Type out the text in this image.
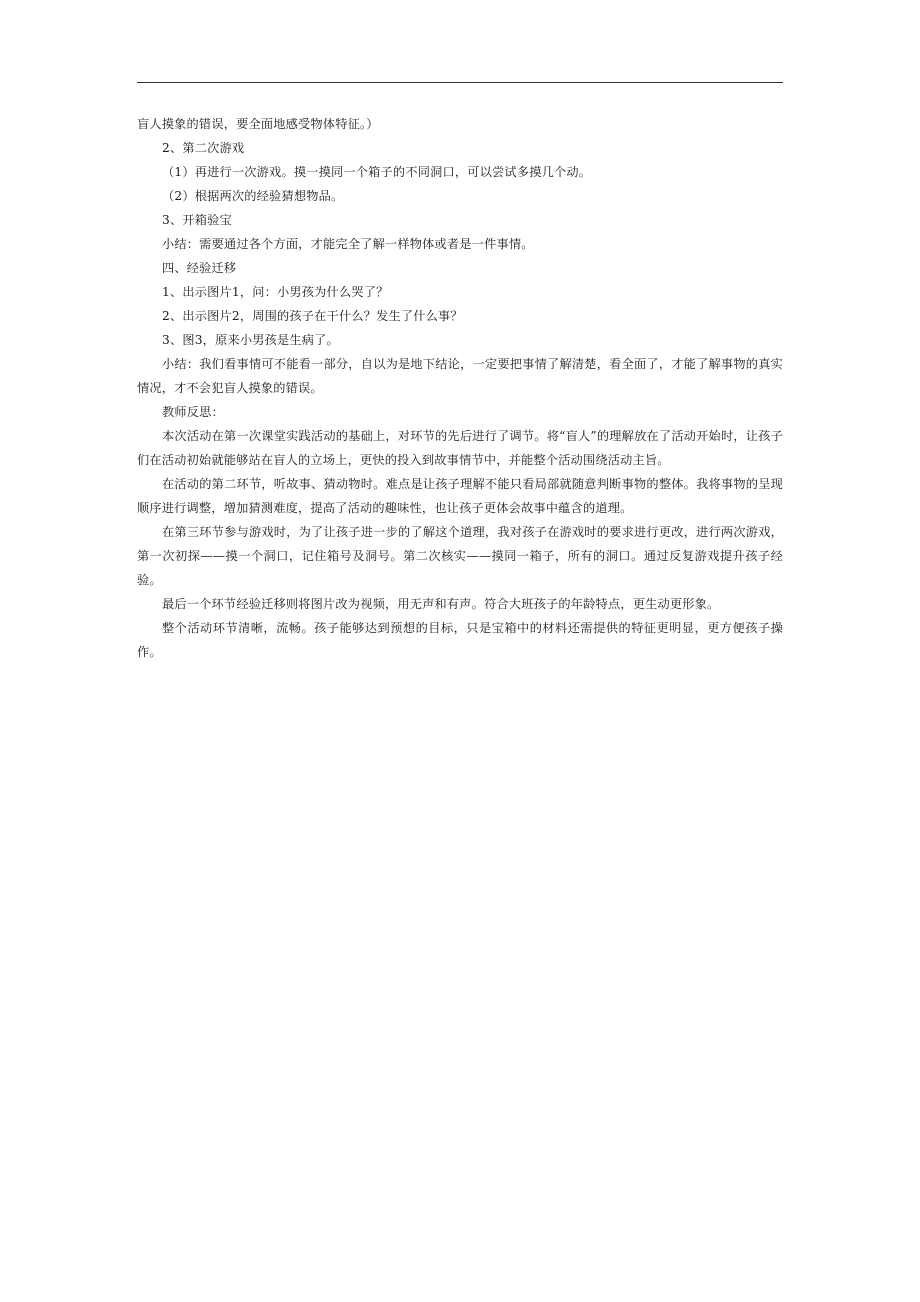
盲人摸象的错误，要全面地感受物体特征。）

2、第二次游戏

（1）再进行一次游戏。摸一摸同一个箱子的不同洞口，可以尝试多摸几个动。

（2）根据两次的经验猜想物品。

3、开箱验宝

小结：需要通过各个方面，才能完全了解一样物体或者是一件事情。

四、经验迁移

1、出示图片1，问：小男孩为什么哭了？

2、出示图片2，周围的孩子在干什么？发生了什么事？

3、图3，原来小男孩是生病了。

小结：我们看事情可不能看一部分，自以为是地下结论，一定要把事情了解清楚，看全面了，才能了解事物的真实情况，才不会犯盲人摸象的错误。

教师反思：

本次活动在第一次课堂实践活动的基础上，对环节的先后进行了调节。将“盲人”的理解放在了活动开始时，让孩子们在活动初始就能够站在盲人的立场上，更快的投入到故事情节中，并能整个活动围绕活动主旨。

在活动的第二环节，听故事、猜动物时。难点是让孩子理解不能只看局部就随意判断事物的整体。我将事物的呈现顺序进行调整，增加猜测难度，提高了活动的趣味性，也让孩子更体会故事中蕴含的道理。

在第三环节参与游戏时，为了让孩子进一步的了解这个道理，我对孩子在游戏时的要求进行更改，进行两次游戏，第一次初探——摸一个洞口，记住箱号及洞号。第二次核实——摸同一箱子，所有的洞口。通过反复游戏提升孩子经验。

最后一个环节经验迁移则将图片改为视频，用无声和有声。符合大班孩子的年龄特点，更生动更形象。

整个活动环节清晰，流畅。孩子能够达到预想的目标，只是宝箱中的材料还需提供的特征更明显，更方便孩子操作。
